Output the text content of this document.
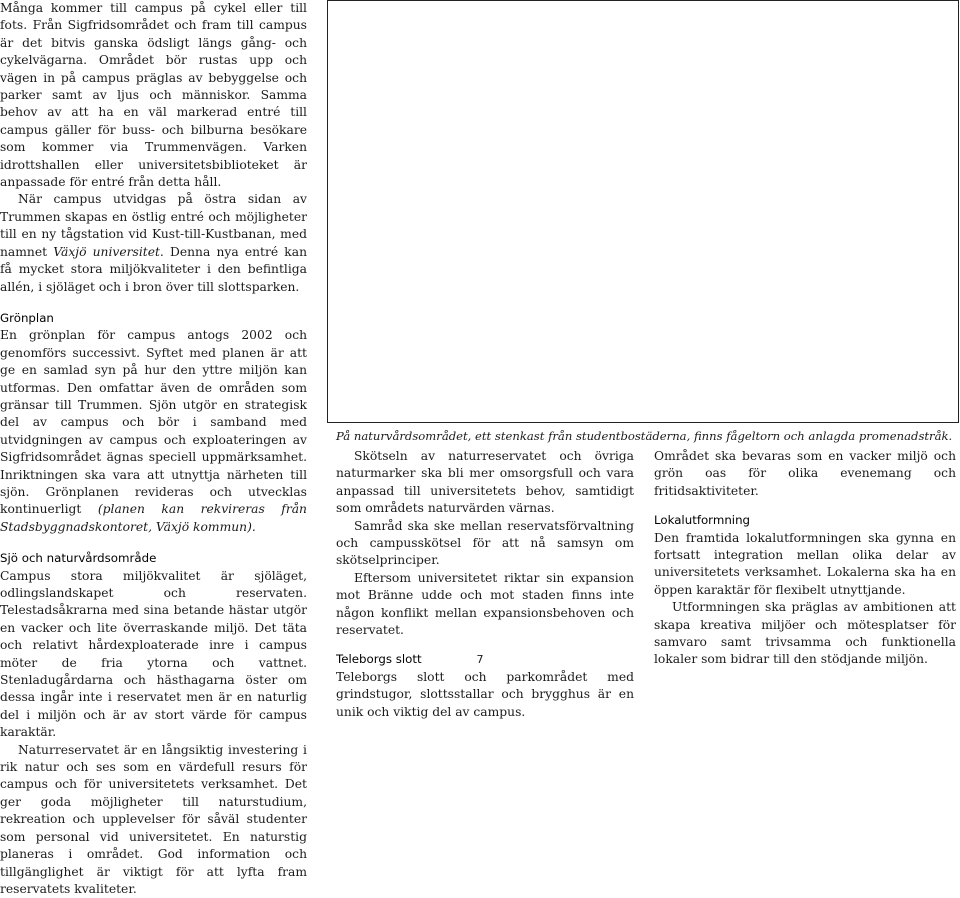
Många kommer till campus på cykel eller till fots. Från Sigfridsområdet och fram till campus är det bitvis ganska ödsligt längs gång- och cykelvägarna. Området bör rustas upp och vägen in på campus präglas av bebyggelse och parker samt av ljus och människor. Samma behov av att ha en väl markerad entré till campus gäller för buss- och bilburna besökare som kommer via Trummenvägen. Varken idrottshallen eller universitetsbiblioteket är anpassade för entré från detta håll.

När campus utvidgas på östra sidan av Trummen skapas en östlig entré och möjligheter till en ny tågstation vid Kust-till-Kustbanan, med namnet Växjö universitet. Denna nya entré kan få mycket stora miljökvaliteter i den befintliga allén, i sjöläget och i bron över till slottsparken.

Grönplan

En grönplan för campus antogs 2002 och genomförs successivt. Syftet med planen är att ge en samlad syn på hur den yttre miljön kan utformas. Den omfattar även de områden som gränsar till Trummen. Sjön utgör en strategisk del av campus och bör i samband med utvidgningen av campus och exploateringen av Sigfridsområdet ägnas speciell uppmärksamhet. Inriktningen ska vara att utnyttja närheten till sjön. Grönplanen revideras och utvecklas kontinuerligt (planen kan rekvireras från Stadsbyggnadskontoret, Växjö kommun).

Sjö och naturvårdsområde

Campus stora miljökvalitet är sjöläget, odlingslandskapet och reservaten. Telestadsåkrarna med sina betande hästar utgör en vacker och lite överraskande miljö. Det täta och relativt hårdexploaterade inre i campus möter de fria ytorna och vattnet. Stenladugårdarna och hästhagarna öster om dessa ingår inte i reservatet men är en naturlig del i miljön och är av stort värde för campus karaktär.

Naturreservatet är en långsiktig investering i rik natur och ses som en värdefull resurs för campus och för universitetets verksamhet. Det ger goda möjligheter till naturstudium, rekreation och upplevelser för såväl studenter som personal vid universitetet. En naturstig planeras i området. God information och tillgänglighet är viktigt för att lyfta fram reservatets kvaliteter.

På naturvårdsområdet, ett stenkast från studentbostäderna, finns fågeltorn och anlagda promenadstråk.

Skötseln av naturreservatet och övriga naturmarker ska bli mer omsorgsfull och vara anpassad till universitetets behov, samtidigt som områdets naturvärden värnas.

Samråd ska ske mellan reservatsförvaltning och campusskötsel för att nå samsyn om skötselprinciper.

Eftersom universitetet riktar sin expansion mot Bränne udde och mot staden finns inte någon konflikt mellan expansionsbehoven och reservatet.

Teleborgs slott

Teleborgs slott och parkområdet med grindstugor, slottsstallar och brygghus är en unik och viktig del av campus.

Området ska bevaras som en vacker miljö och grön oas för olika evenemang och fritidsaktiviteter.

Lokalutformning

Den framtida lokalutformningen ska gynna en fortsatt integration mellan olika delar av universitetets verksamhet. Lokalerna ska ha en öppen karaktär för flexibelt utnyttjande.

Utformningen ska präglas av ambitionen att skapa kreativa miljöer och mötesplatser för samvaro samt trivsamma och funktionella lokaler som bidrar till den stödjande miljön.

7
